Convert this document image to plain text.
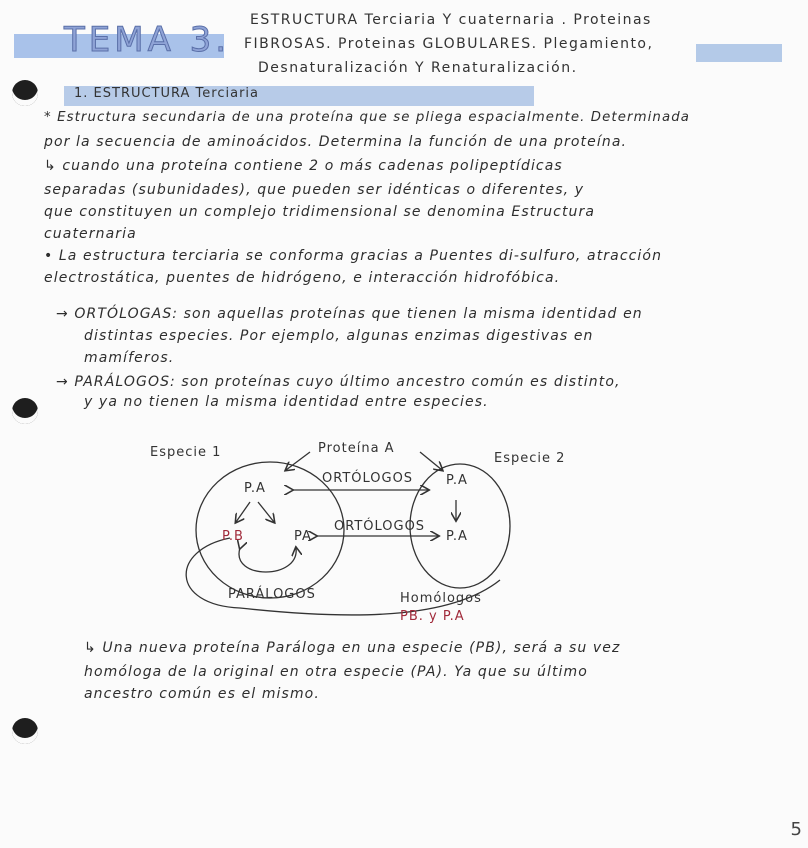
TEMA 3. ESTRUCTURA Terciaria Y cuaternaria . Proteinas
FIBROSAS. Proteinas GLOBULARES. Plegamiento,
Desnaturalización Y Renaturalización.
1. ESTRUCTURA Terciaria
* Estructura secundaria de una proteína que se pliega espacialmente. Determinada
por la secuencia de aminoácidos. Determina la función de una proteína.
↳ cuando una proteína contiene 2 o más cadenas polipeptídicas
separadas (subunidades), que pueden ser idénticas o diferentes, y
que constituyen un complejo tridimensional se denomina Estructura
cuaternaria
• La estructura terciaria se conforma gracias a Puentes di-sulfuro, atracción
electrostática, puentes de hidrógeno, e interacción hidrofóbica.
→ ORTÓLOGAS: son aquellas proteínas que tienen la misma identidad en
distintas especies. Por ejemplo, algunas enzimas digestivas en
mamíferos.
→ PARÁLOGOS: son proteínas cuyo último ancestro común es distinto,
y ya no tienen la misma identidad entre especies.
Especie 1	Especie 2
Proteína A
P.A
ORTÓLOGOS	P.A
P.B	PA
ORTÓLOGOS
P.A
PARÁLOGOS	Homólogos
PB. y P.A
↳ Una nueva proteína Paráloga en una especie (PB), será a su vez
homóloga de la original en otra especie (PA). Ya que su último
ancestro común es el mismo.
5
